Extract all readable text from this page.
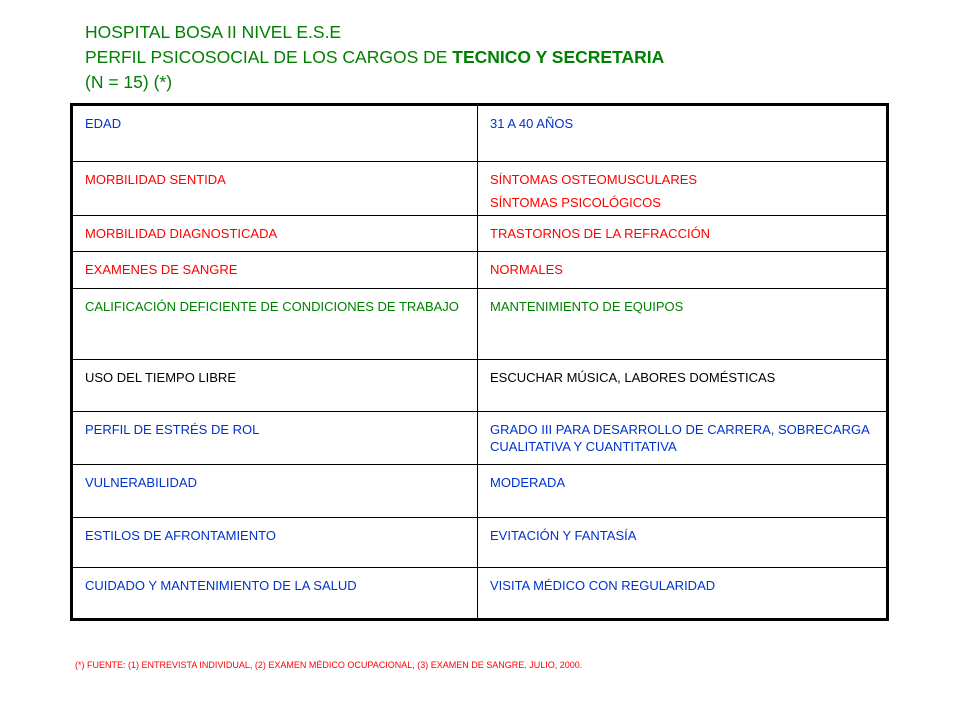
HOSPITAL BOSA II NIVEL E.S.E
PERFIL PSICOSOCIAL DE LOS CARGOS DE TECNICO Y SECRETARIA
(N = 15) (*)
EDAD	31 A 40 AÑOS
MORBILIDAD SENTIDA	SÍNTOMAS OSTEOMUSCULARES
SÍNTOMAS PSICOLÓGICOS

MORBILIDAD DIAGNOSTICADA	TRASTORNOS DE LA REFRACCIÓN
EXAMENES DE SANGRE	NORMALES
CALIFICACIÓN DEFICIENTE DE CONDICIONES DE TRABAJO	MANTENIMIENTO DE EQUIPOS
USO DEL TIEMPO LIBRE	ESCUCHAR MÚSICA, LABORES DOMÉSTICAS
PERFIL DE ESTRÉS DE ROL	GRADO III PARA DESARROLLO DE CARRERA, SOBRECARGA CUALITATIVA Y CUANTITATIVA
VULNERABILIDAD	MODERADA
ESTILOS DE AFRONTAMIENTO	EVITACIÓN Y FANTASÍA
CUIDADO Y MANTENIMIENTO DE LA SALUD	VISITA MÉDICO CON REGULARIDAD
(*) FUENTE: (1) ENTREVISTA INDIVIDUAL, (2) EXAMEN MÉDICO OCUPACIONAL, (3) EXAMEN DE SANGRE. JULIO, 2000.
